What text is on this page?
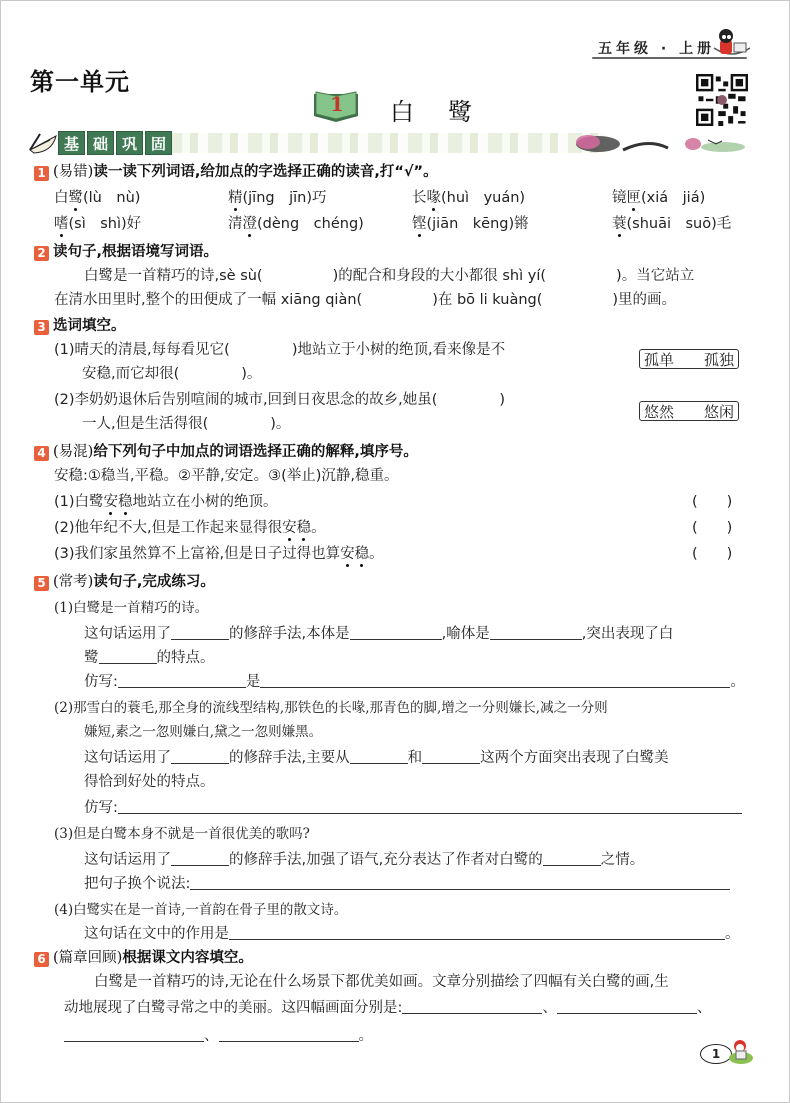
第一单元
五年级 · 上册
1 白鹭
基 础 巩 固
1 (易错)读一读下列词语,给加点的字选择正确的读音,打“√”。
白鹭(lù　nù)	精(jīng　jīn)巧	长喙(huì　yuán)	镜匣(xiá　jiá)
嗜(sì　shì)好	清澄(dèng　chéng)	铿(jiān　kēng)锵	蓑(shuāi　suō)毛
2 读句子,根据语境写词语。
白鹭是一首精巧的诗,sè sù(	)的配合和身段的大小都很 shì yí(	)。当它站立
在清水田里时,整个的田便成了一幅 xiāng qiàn(	)在 bō li kuàng(	)里的画。
3 选词填空。
(1)晴天的清晨,每每看见它(	)地站立于小树的绝顶,看来像是不
安稳,而它却很(	)。
(2)李奶奶退休后告别喧闹的城市,回到日夜思念的故乡,她虽(	)
一人,但是生活得很(	)。
孤单 孤独
悠然 悠闲
4 (易混)给下列句子中加点的词语选择正确的解释,填序号。
安稳:①稳当,平稳。②平静,安定。③(举止)沉静,稳重。
(1)白鹭安稳地站立在小树的绝顶。	(　　)
(2)他年纪不大,但是工作起来显得很安稳。	(　　)
(3)我们家虽然算不上富裕,但是日子过得也算安稳。	(　　)
5 (常考)读句子,完成练习。
(1)白鹭是一首精巧的诗。
这句话运用了	的修辞手法,本体是	,喻体是	,突出表现了白
鹭	的特点。
仿写:	是	。
(2)那雪白的蓑毛,那全身的流线型结构,那铁色的长喙,那青色的脚,增之一分则嫌长,减之一分则
嫌短,素之一忽则嫌白,黛之一忽则嫌黑。
这句话运用了	的修辞手法,主要从	和	这两个方面突出表现了白鹭美
得恰到好处的特点。
仿写:
(3)但是白鹭本身不就是一首很优美的歌吗?
这句话运用了	的修辞手法,加强了语气,充分表达了作者对白鹭的	之情。
把句子换个说法:
(4)白鹭实在是一首诗,一首韵在骨子里的散文诗。
这句话在文中的作用是	。
6 (篇章回顾)根据课文内容填空。
白鹭是一首精巧的诗,无论在什么场景下都优美如画。文章分别描绘了四幅有关白鹭的画,生
动地展现了白鹭寻常之中的美丽。这四幅画面分别是:	、	、
、	。
1
